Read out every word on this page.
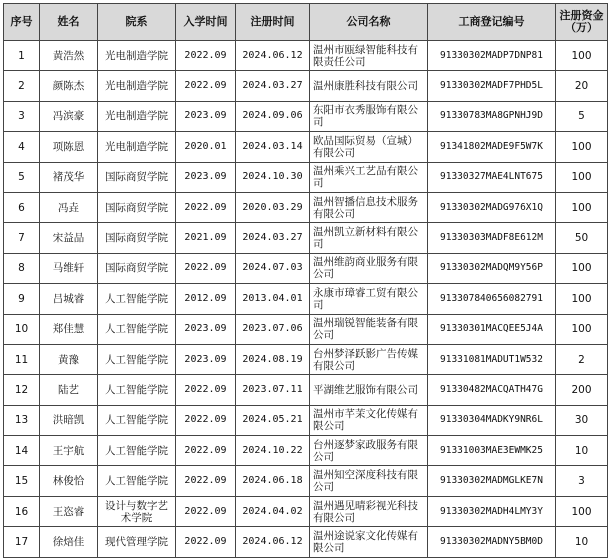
序号	姓名	院系	入学时间	注册时间	公司名称	工商登记编号	注册资金（万）
1	黄浩然	光电制造学院	2022.09	2024.06.12	温州市瓯绿智能科技有限责任公司	91330302MADP7DNP81	100
2	颜陈杰	光电制造学院	2022.09	2024.03.27	温州康胜科技有限公司	91330302MADF7PHD5L	20
3	冯滨豪	光电制造学院	2023.09	2024.09.06	东阳市衣秀服饰有限公司	91330783MA8GPNHJ9D	5
4	项陈恩	光电制造学院	2020.01	2024.03.14	欧品国际贸易（宣城）有限公司	91341802MADE9F5W7K	100
5	褚茂华	国际商贸学院	2023.09	2024.10.30	温州乘兴工艺品有限公司	91330327MAE4LNT675	100
6	冯垚	国际商贸学院	2022.09	2020.03.29	温州智播信息技术服务有限公司	91330302MADG976X1Q	100
7	宋益品	国际商贸学院	2021.09	2024.03.27	温州凯立新材料有限公司	91330303MADF8E612M	50
8	马维轩	国际商贸学院	2022.09	2024.07.03	温州维韵商业服务有限公司	91330302MADQM9Y56P	100
9	吕城睿	人工智能学院	2012.09	2013.04.01	永康市璋睿工贸有限公司	913307840656082791	100
10	郑佳慧	人工智能学院	2023.09	2023.07.06	温州瑞锐智能装备有限公司	91330301MACQEE5J4A	100
11	黄豫	人工智能学院	2023.09	2024.08.19	台州梦泽跃影广告传媒有限公司	91331081MADUT1W532	2
12	陆艺	人工智能学院	2022.09	2023.07.11	平湖维艺服饰有限公司	91330482MACQATH47G	200
13	洪暗凯	人工智能学院	2022.09	2024.05.21	温州市芊茉文化传媒有限公司	91330304MADKY9NR6L	30
14	王宇航	人工智能学院	2022.09	2024.10.22	台州逐梦家政服务有限公司	91331003MAE3EWMK25	10
15	林俊恰	人工智能学院	2022.09	2024.06.18	温州知空深度科技有限公司	91330302MADMGLKE7N	3
16	王恣睿	设计与数字艺术学院	2022.09	2024.04.02	温州遇见晴彩视光科技有限公司	91330302MADH4LMY3Y	100
17	徐焙佳	现代管理学院	2022.09	2024.06.12	温州途说家文化传媒有限公司	91330302MADNY5BM0D	10
